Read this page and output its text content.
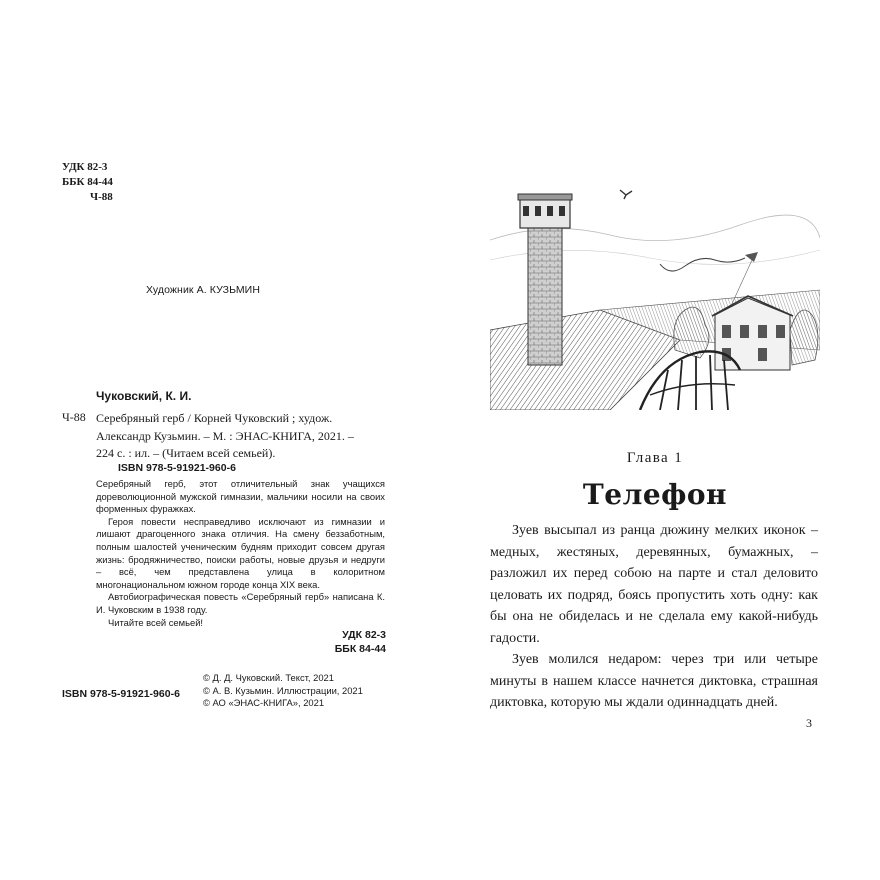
УДК 82-3
ББК 84-44
Ч-88
Художник А. КУЗЬМИН
Чуковский, К. И.
Ч-88 Серебряный герб / Корней Чуковский ; худож.
Александр Кузьмин. – М. : ЭНАС-КНИГА, 2021. –
224 с. : ил. – (Читаем всей семьей).
ISBN 978-5-91921-960-6

Серебряный герб, этот отличительный знак учащихся дореволюционной мужской гимназии, мальчики носили на своих форменных фуражках.

Героя повести несправедливо исключают из гимназии и лишают драгоценного знака отличия. На смену беззаботным, полным шалостей ученическим будням приходит совсем другая жизнь: бродяжничество, поиски работы, новые друзья и недруги – всё, чем представлена улица в колоритном многонациональном южном городе конца XIX века.

Автобиографическая повесть «Серебряный герб» написана К. И. Чуковским в 1938 году.

Читайте всей семьей!

УДК 82-3
ББК 84-44
© Д. Д. Чуковский. Текст, 2021
© А. В. Кузьмин. Иллюстрации, 2021
© АО «ЭНАС-КНИГА», 2021
ISBN 978-5-91921-960-6
Глава 1
Телефон

Зуев высыпал из ранца дюжину мелких иконок – медных, жестяных, деревянных, бумажных, – разложил их перед собою на парте и стал деловито целовать их подряд, боясь пропустить хоть одну: как бы она не обиделась и не сделала ему какой-нибудь гадости.

Зуев молился недаром: через три или четыре минуты в нашем классе начнется диктовка, страшная диктовка, которую мы ждали одиннадцать дней.

3
